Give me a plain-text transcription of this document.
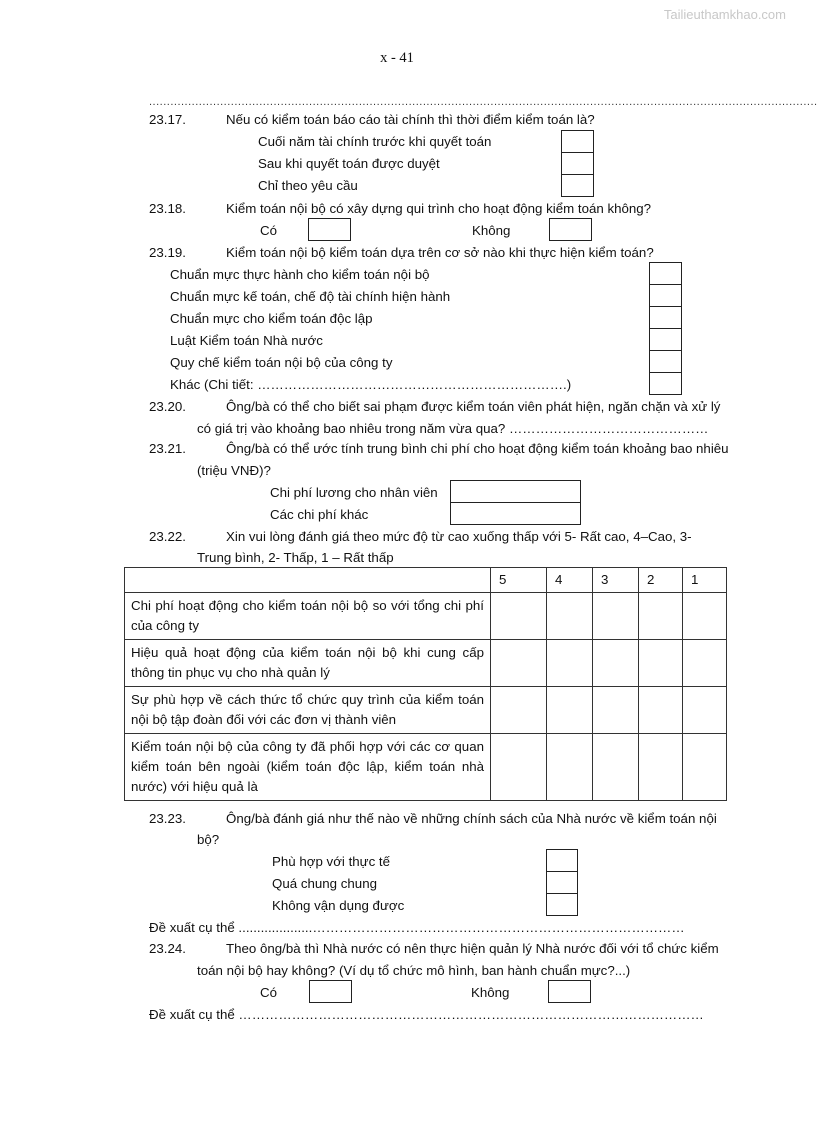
Tailieuthamkhao.com
x - 41
............................................................................................................................................................................................
23.17.	Nếu có kiểm toán báo cáo tài chính thì thời điểm kiểm toán là?
Cuối năm tài chính trước khi quyết toán
Sau khi quyết toán được duyệt
Chỉ theo yêu cầu
23.18.	Kiểm toán nội bộ có xây dựng qui trình cho hoạt động kiểm toán không?
Có	Không
23.19.	Kiểm toán nội bộ kiểm toán dựa trên cơ sở nào khi thực hiện kiểm toán?
Chuẩn mực thực hành cho kiểm toán nội bộ
Chuẩn mực kế toán, chế độ tài chính hiện hành
Chuẩn mực cho kiểm toán độc lập
Luật Kiểm toán Nhà nước
Quy chế kiểm toán nội bộ của công ty
Khác (Chi tiết: …………………………………………………………….)
23.20.	Ông/bà có thể cho biết sai phạm được kiểm toán viên phát hiện, ngăn chặn và xử lý
có giá trị vào khoảng bao nhiêu trong năm vừa qua? ………………………………………
23.21.	Ông/bà có thể ước tính trung bình chi phí cho hoạt động kiểm toán khoảng bao nhiêu
(triệu VNĐ)?
Chi phí lương cho nhân viên
Các chi phí khác
23.22.	Xin vui lòng đánh giá theo mức độ từ cao xuống thấp với 5- Rất cao, 4–Cao, 3-
Trung bình, 2- Thấp, 1 – Rất thấp
	5	4	3	2	1
Chi phí hoạt động cho kiểm toán nội bộ so với tổng chi phí của công ty					
Hiệu quả hoạt động của kiểm toán nội bộ khi cung cấp thông tin phục vụ cho nhà quản lý					
Sự phù hợp về cách thức tổ chức quy trình của kiểm toán nội bộ tập đoàn đối với các đơn vị thành viên					
Kiểm toán nội bộ của công ty đã phối hợp với các cơ quan kiểm toán bên ngoài (kiểm toán độc lập, kiểm toán nhà nước) với hiệu quả là					
23.23.	Ông/bà đánh giá như thế nào về những chính sách của Nhà nước về kiểm toán nội
bộ?
Phù hợp với thực tế
Quá chung chung
Không vận dụng được
Đề xuất cụ thể ....................…………………………………………………………………………
23.24.	Theo ông/bà thì Nhà nước có nên thực hiện quản lý Nhà nước đối với tổ chức kiểm
toán nội bộ hay không? (Ví dụ tổ chức mô hình, ban hành chuẩn mực?...)
Có	Không
Đề xuất cụ thể ……………………………………………………………………………………………
